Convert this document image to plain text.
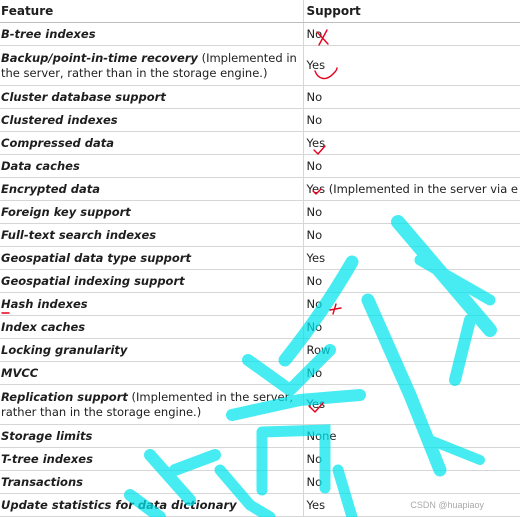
Feature	Support
B-tree indexes	No
Backup/point-in-time recovery (Implemented in the server, rather than in the storage engine.)	Yes
Cluster database support	No
Clustered indexes	No
Compressed data	Yes
Data caches	No
Encrypted data	Yes (Implemented in the server via e
Foreign key support	No
Full-text search indexes	No
Geospatial data type support	Yes
Geospatial indexing support	No
Hash indexes	No
Index caches	No
Locking granularity	Row
MVCC	No
Replication support (Implemented in the server, rather than in the storage engine.)	Yes
Storage limits	None
T-tree indexes	No
Transactions	No
Update statistics for data dictionary	Yes	CSDN @huapiaoy
